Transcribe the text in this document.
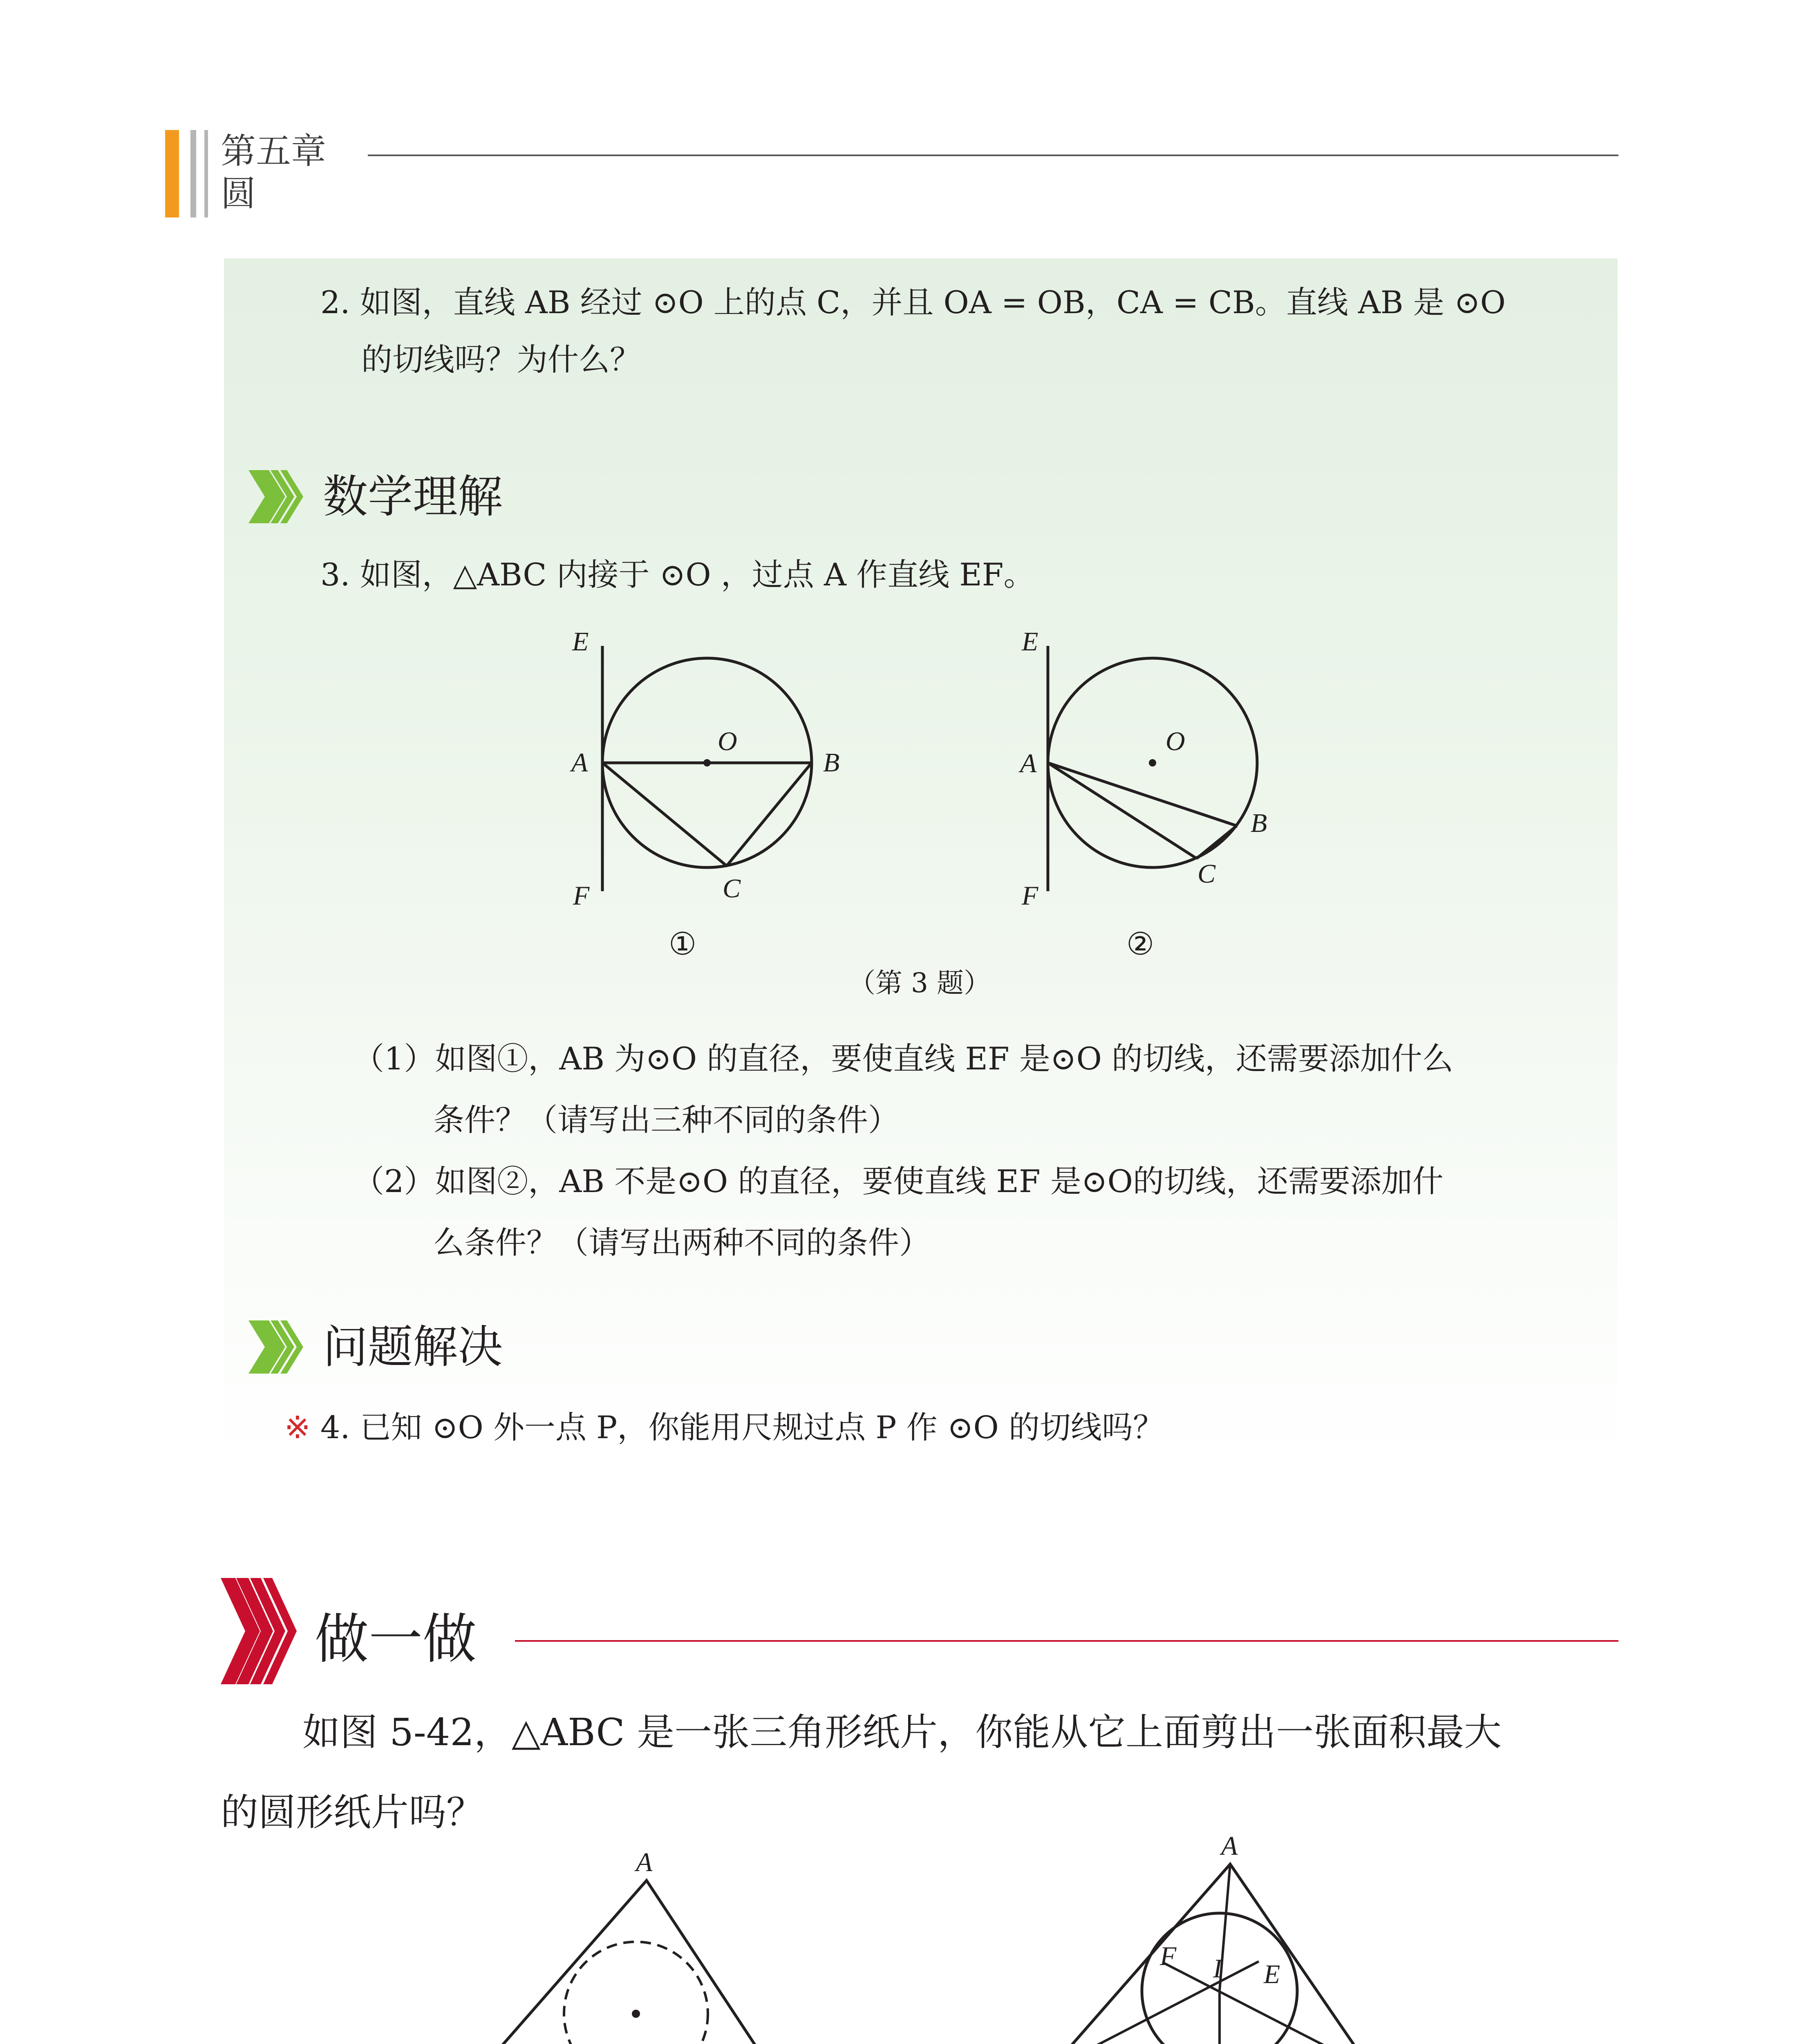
第五章
圆
2. 如图，直线 AB 经过 ⊙O 上的点 C，并且 OA = OB，CA = CB。直线 AB 是 ⊙O
的切线吗？为什么？
数学理解
3. 如图，△ABC 内接于 ⊙O ，过点 A 作直线 EF。
E
A
O
B
F	C
①
E
A
O
B
C
F
②
（第 3 题）
（1）如图①，AB 为⊙O 的直径，要使直线 EF 是⊙O 的切线，还需要添加什么
条件？（请写出三种不同的条件）
（2）如图②，AB 不是⊙O 的直径，要使直线 EF 是⊙O的切线，还需要添加什
么条件？（请写出两种不同的条件）
问题解决
※ 4. 已知 ⊙O 外一点 P，你能用尺规过点 P 作 ⊙O 的切线吗？
做一做
如图 5-42，△ABC 是一张三角形纸片，你能从它上面剪出一张面积最大
的圆形纸片吗？
A
A
F I E
